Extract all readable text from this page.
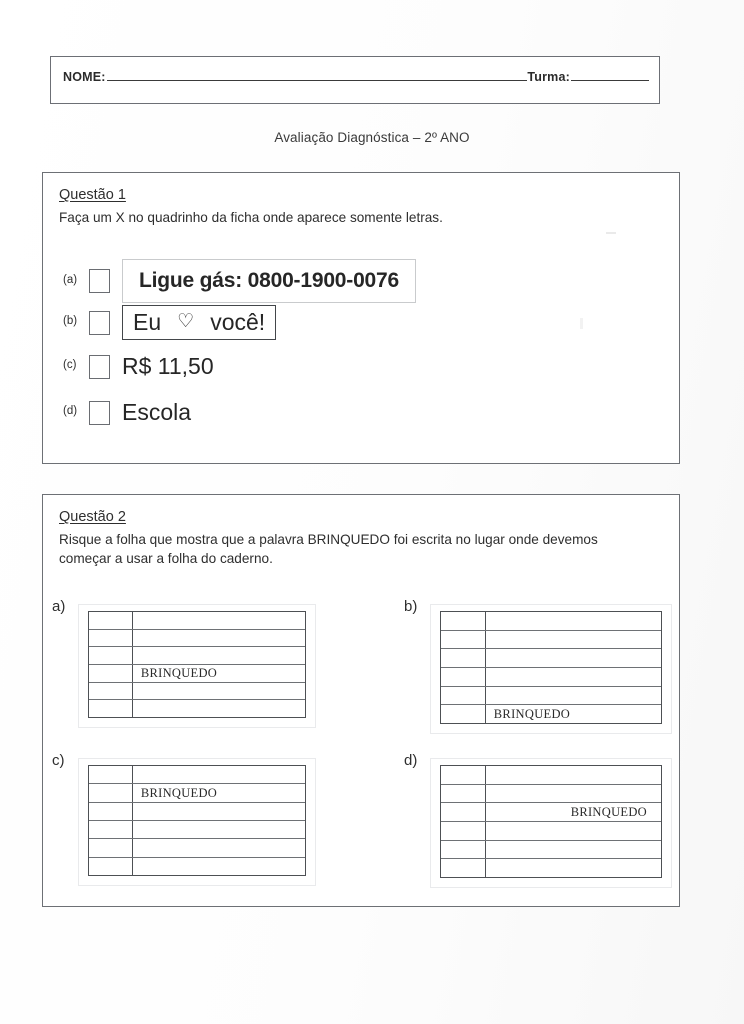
NOME:	Turma:
Avaliação Diagnóstica – 2º ANO
Questão 1
Faça um X no quadrinho da ficha onde aparece somente letras.
(a)	Ligue gás: 0800-1900-0076
(b)	Eu ♡ você!
(c)	R$ 11,50
(d)	Escola
Questão 2
Risque a folha que mostra que a palavra BRINQUEDO foi escrita no lugar onde devemos começar a usar a folha do caderno.
a)
BRINQUEDO
b)
BRINQUEDO
c)
BRINQUEDO
d)
BRINQUEDO
